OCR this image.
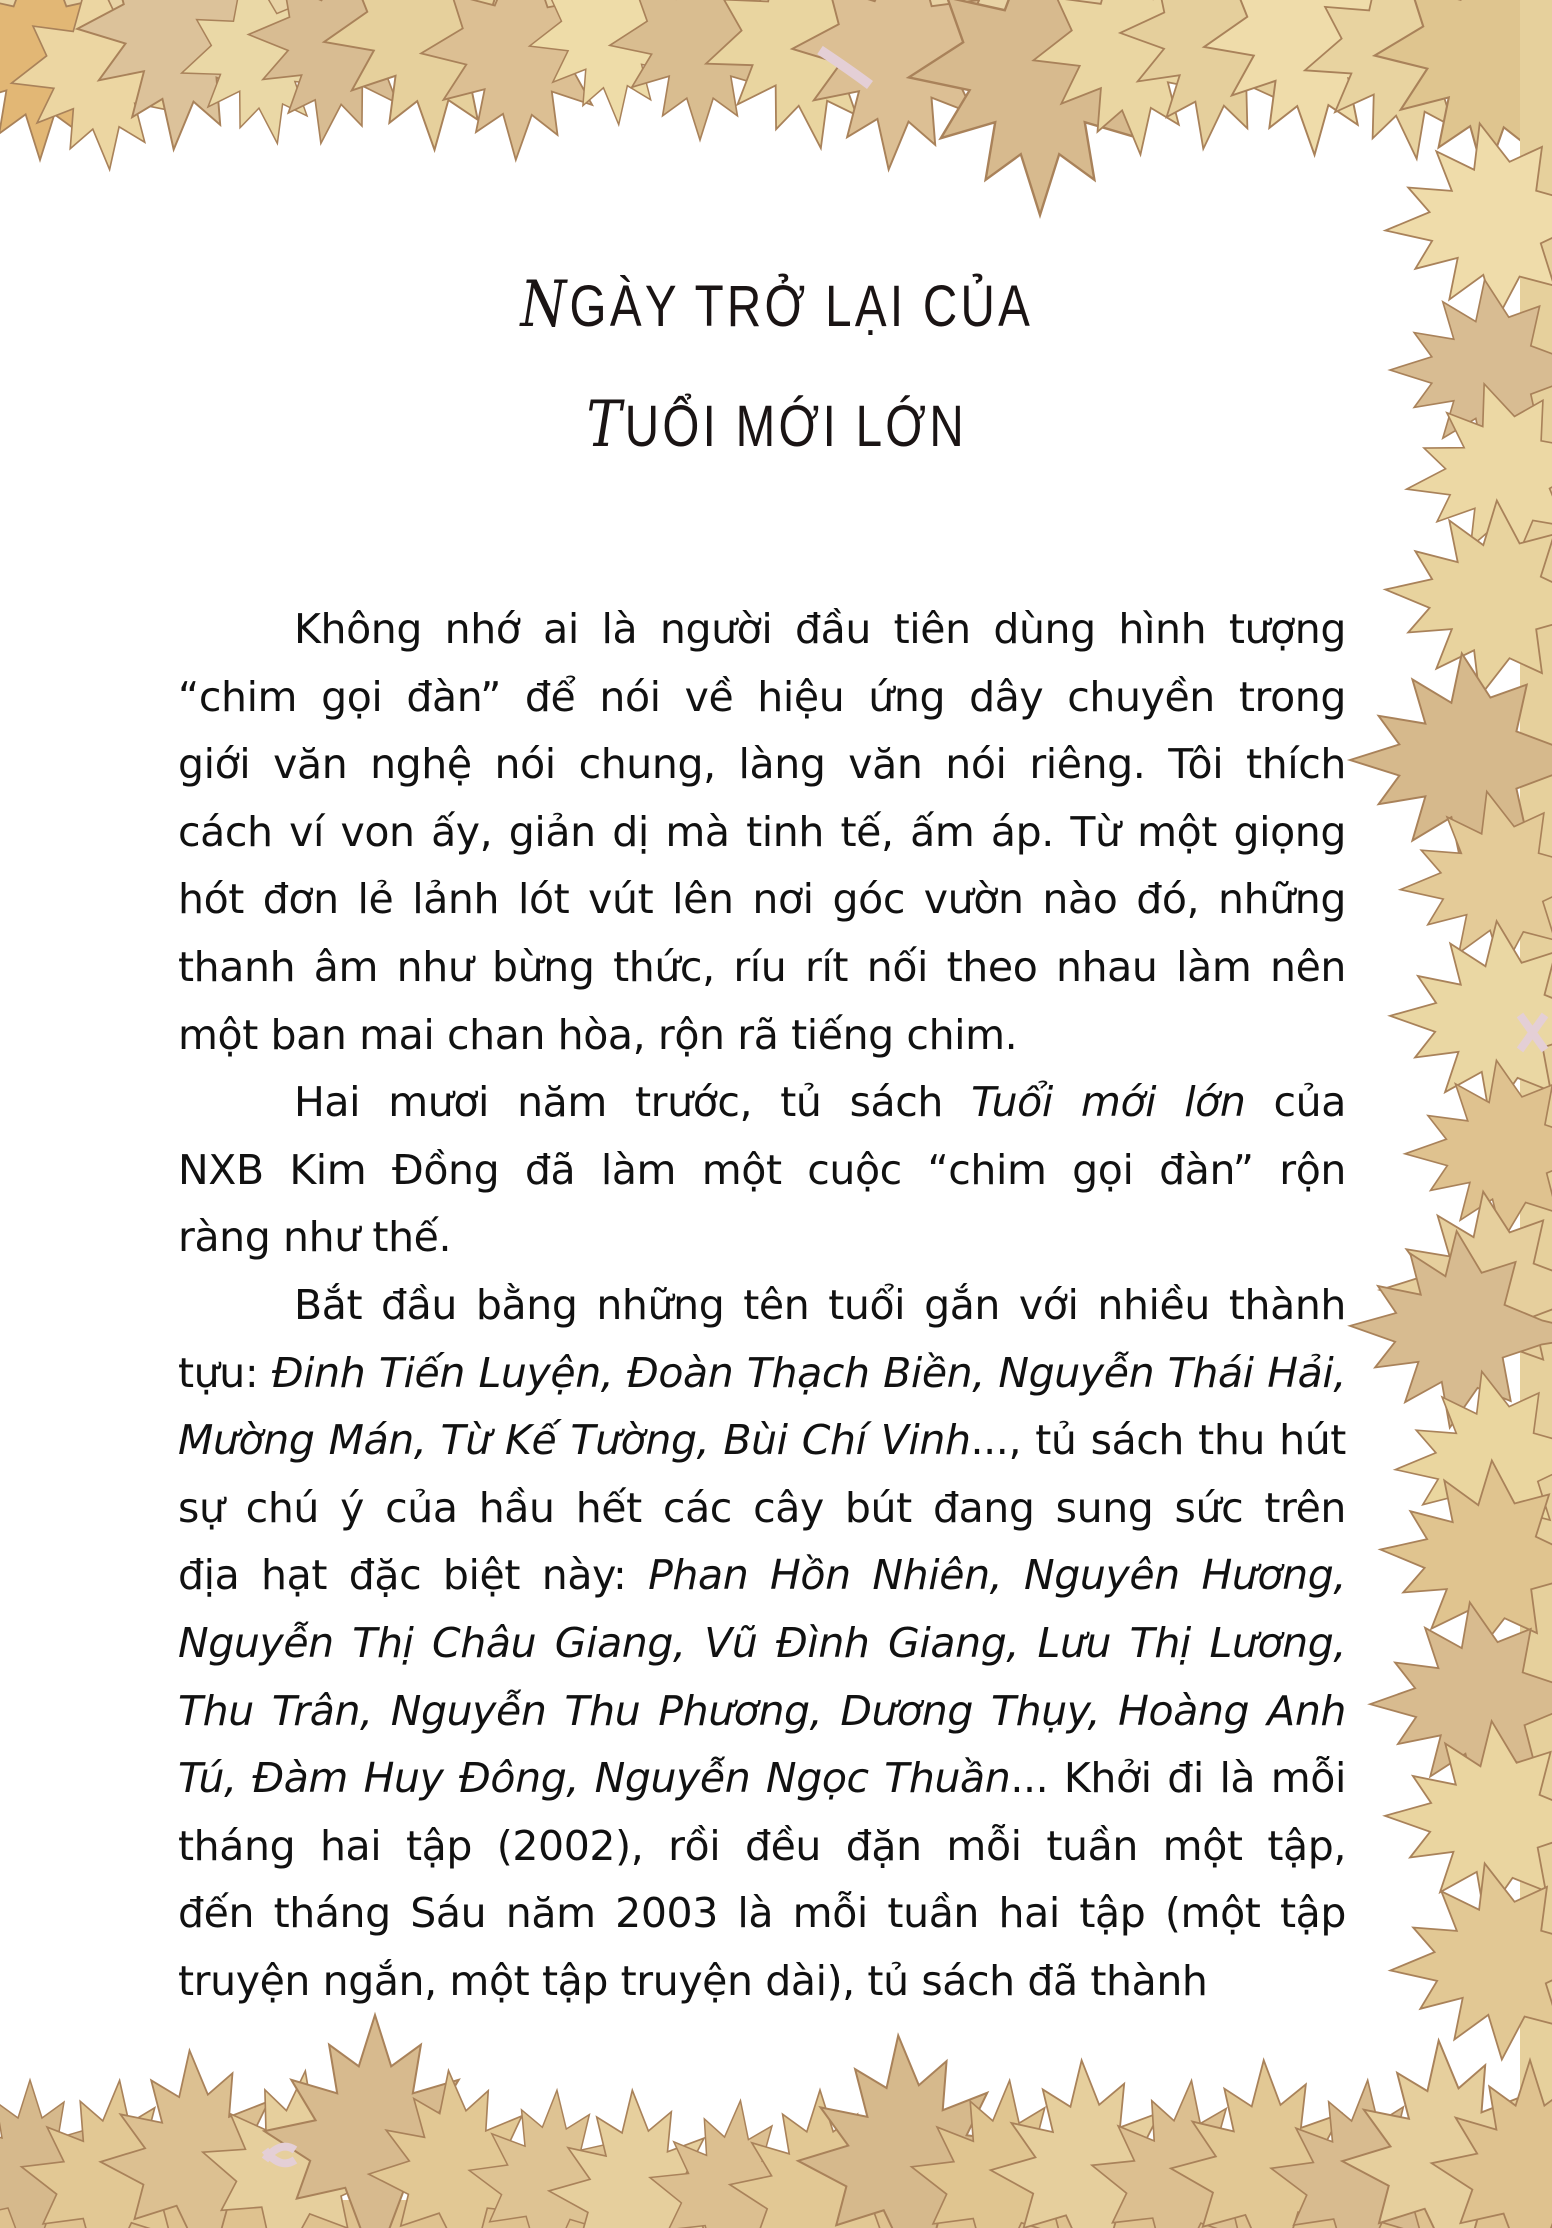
NGÀY TRỞ LẠI CỦA
TUỔI MỚI LỚN
Không nhớ ai là người đầu tiên dùng hình tượng
“chim gọi đàn” để nói về hiệu ứng dây chuyền trong
giới văn nghệ nói chung, làng văn nói riêng. Tôi thích
cách ví von ấy, giản dị mà tinh tế, ấm áp. Từ một giọng
hót đơn lẻ lảnh lót vút lên nơi góc vườn nào đó, những
thanh âm như bừng thức, ríu rít nối theo nhau làm nên
một ban mai chan hòa, rộn rã tiếng chim.
Hai mươi năm trước, tủ sách Tuổi mới lớn của
NXB Kim Đồng đã làm một cuộc “chim gọi đàn” rộn
ràng như thế.
Bắt đầu bằng những tên tuổi gắn với nhiều thành
tựu: Đinh Tiến Luyện, Đoàn Thạch Biền, Nguyễn Thái Hải,
Mường Mán, Từ Kế Tường, Bùi Chí Vinh..., tủ sách thu hút
sự chú ý của hầu hết các cây bút đang sung sức trên
địa hạt đặc biệt này: Phan Hồn Nhiên, Nguyên Hương,
Nguyễn Thị Châu Giang, Vũ Đình Giang, Lưu Thị Lương,
Thu Trân, Nguyễn Thu Phương, Dương Thụy, Hoàng Anh
Tú, Đàm Huy Đông, Nguyễn Ngọc Thuần... Khởi đi là mỗi
tháng hai tập (2002), rồi đều đặn mỗi tuần một tập,
đến tháng Sáu năm 2003 là mỗi tuần hai tập (một tập
truyện ngắn, một tập truyện dài), tủ sách đã thành
